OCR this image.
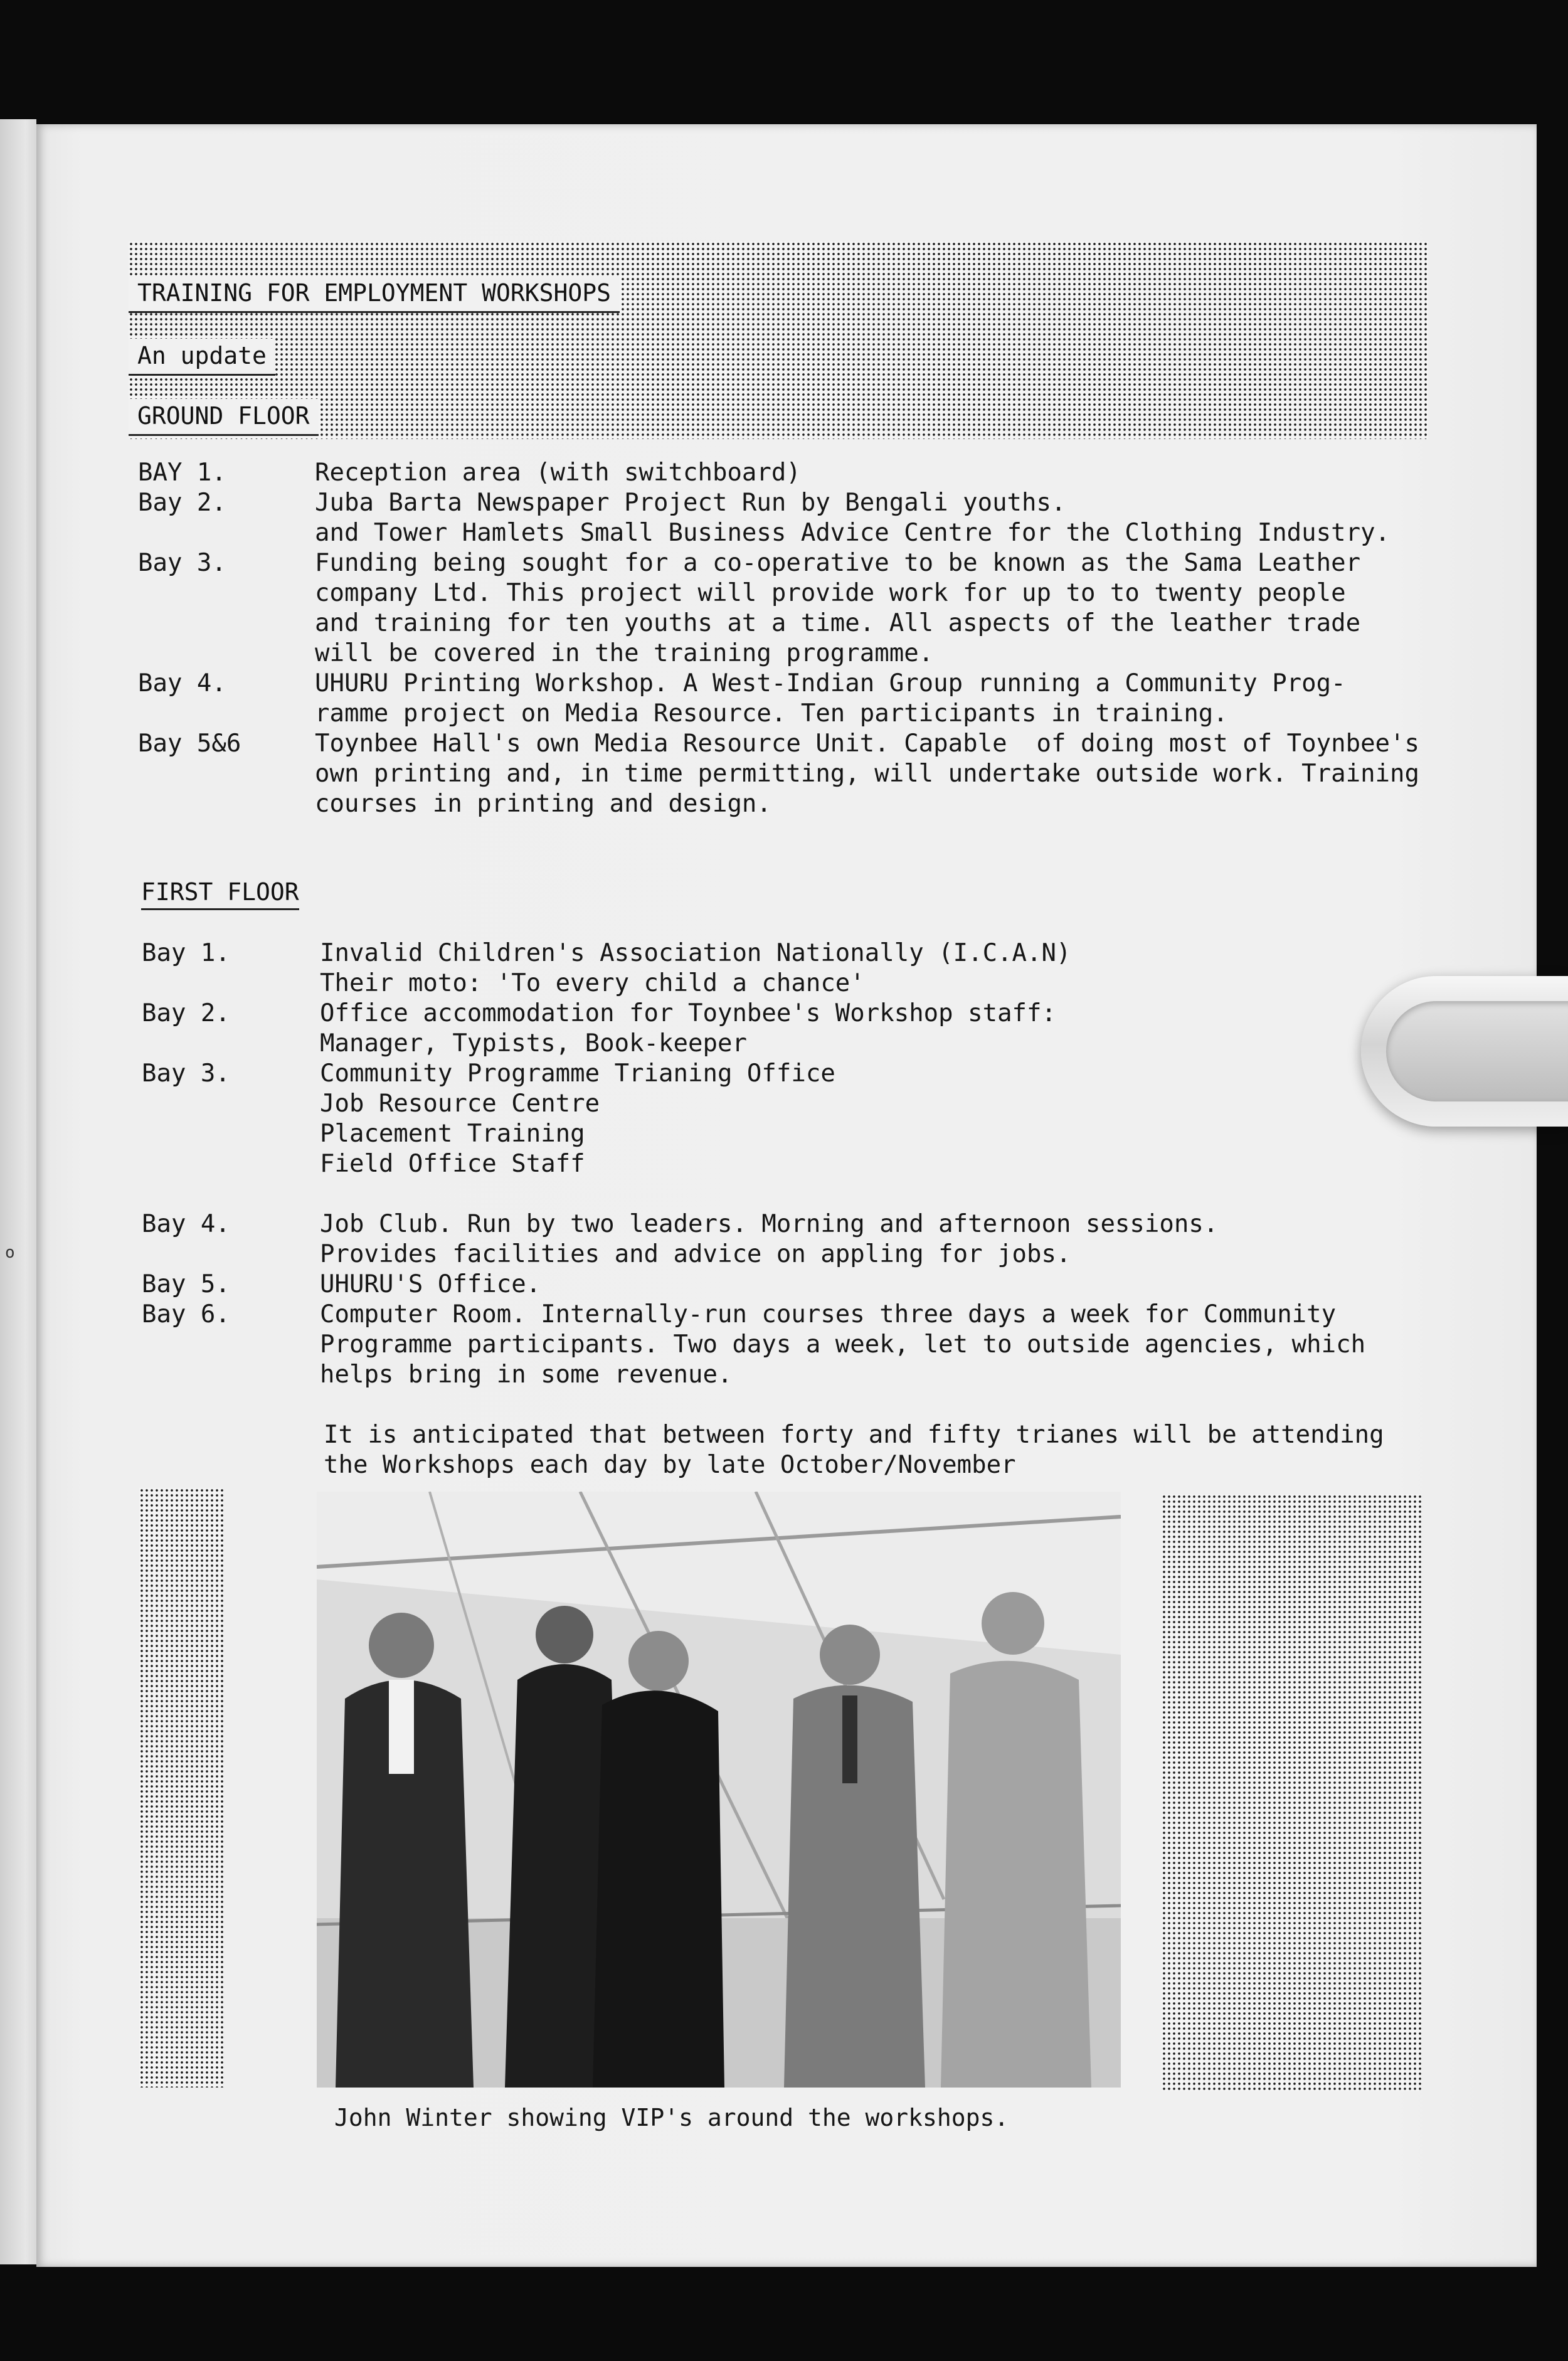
o
TRAINING FOR EMPLOYMENT WORKSHOPS
An update
GROUND FLOOR
BAY 1.	Reception area (with switchboard)
Bay 2.	Juba Barta Newspaper Project Run by Bengali youths.
and Tower Hamlets Small Business Advice Centre for the Clothing Industry.
Bay 3.	Funding being sought for a co-operative to be known as the Sama Leather
company Ltd. This project will provide work for up to to twenty people
and training for ten youths at a time. All aspects of the leather trade
will be covered in the training programme.
Bay 4.	UHURU Printing Workshop. A West-Indian Group running a Community Prog-
ramme project on Media Resource. Ten participants in training.
Bay 5&6	Toynbee Hall's own Media Resource Unit. Capable  of doing most of Toynbee's
own printing and, in time permitting, will undertake outside work. Training
courses in printing and design.
FIRST FLOOR
Bay 1.	Invalid Children's Association Nationally (I.C.A.N)
Their moto: 'To every child a chance'
Bay 2.	Office accommodation for Toynbee's Workshop staff:
Manager, Typists, Book-keeper
Bay 3.	Community Programme Trianing Office
Job Resource Centre
Placement Training
Field Office Staff
Bay 4.	Job Club. Run by two leaders. Morning and afternoon sessions.
Provides facilities and advice on appling for jobs.
Bay 5.	UHURU'S Office.
Bay 6.	Computer Room. Internally-run courses three days a week for Community
Programme participants. Two days a week, let to outside agencies, which
helps bring in some revenue.
It is anticipated that between forty and fifty trianes will be attending
the Workshops each day by late October/November
John Winter showing VIP's around the workshops.
